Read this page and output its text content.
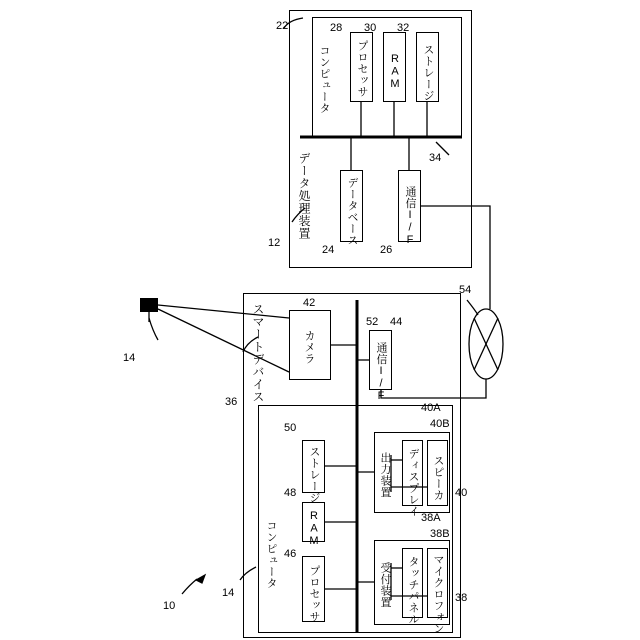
データ処理装置
コンピュータ プロセッサ RAM ストレージ
データベース	通信I/F
スマートデバイス	カメラ	通信I/F
コンピュータ
ストレージ
RAM
プロセッサ
出力装置 ディスプレイ スピーカ
受付装置 タッチパネル マイクロフォン
22	28 30 32
34
12
24	26
54
42
52 44
14
36
50
40A
40B
48	40
46
38A
38B
38
14
10
